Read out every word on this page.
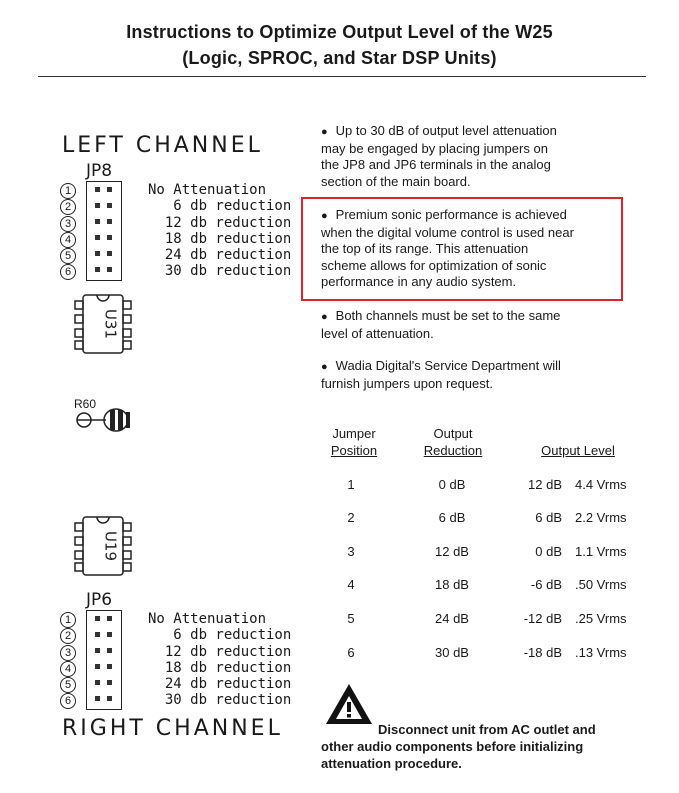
Instructions to Optimize Output Level of the W25
(Logic, SPROC, and Star DSP Units)
LEFT CHANNEL
JP8
1
2
3
4
5
6
No Attenuation
6 db reduction
12 db reduction
18 db reduction
24 db reduction
30 db reduction
U31
R60
U19
JP6
1
2
3
4
5
6
No Attenuation
6 db reduction
12 db reduction
18 db reduction
24 db reduction
30 db reduction
RIGHT CHANNEL
● Up to 30 dB of output level attenuation
may be engaged by placing jumpers on
the JP8 and JP6 terminals in the analog
section of the main board.
● Premium sonic performance is achieved
when the digital volume control is used near
the top of its range. This attenuation
scheme allows for optimization of sonic
performance in any audio system.
● Both channels must be set to the same
level of attenuation.
● Wadia Digital's Service Department will
furnish jumpers upon request.
Jumper
Position
Output
Reduction	Output Level
1	0 dB	12 dB 4.4 Vrms
2	6 dB	6 dB 2.2 Vrms
3	12 dB	0 dB 1.1 Vrms
4	18 dB	-6 dB .50 Vrms
5	24 dB	-12 dB .25 Vrms
6	30 dB	-18 dB .13 Vrms
Disconnect unit from AC outlet and
other audio components before initializing
attenuation procedure.
